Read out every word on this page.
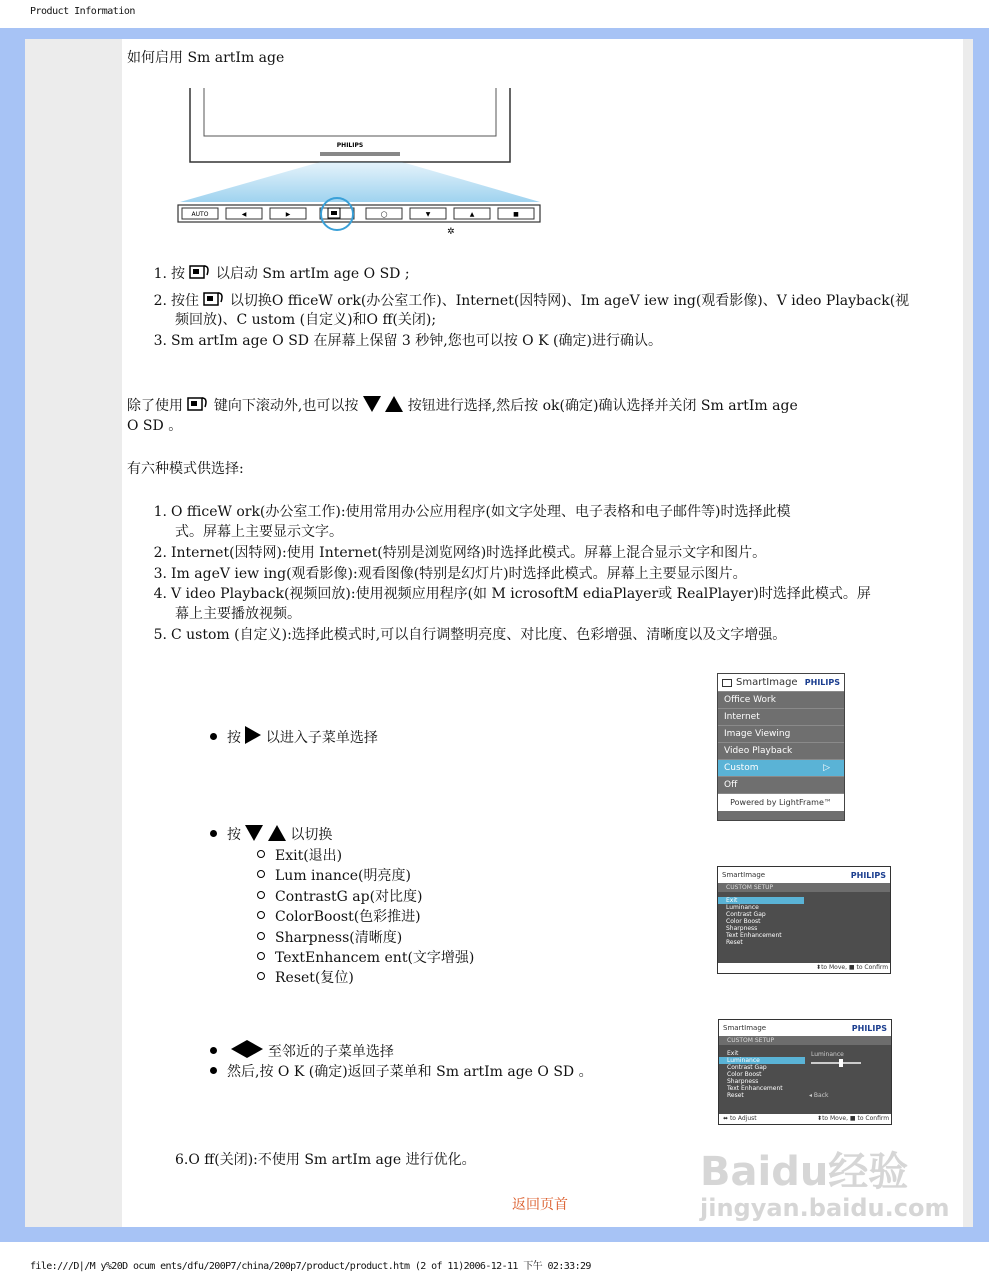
Product Information
如何启用 Sm artIm age
PHILIPS
AUTO	◀	▶	◯	▼	▲	■
✲
1. 按 以启动 Sm artIm age O SD ;
2. 按住 以切换O fficeW ork(办公室工作)、Internet(因特网)、Im ageV iew ing(观看影像)、V ideo Playback(视
频回放)、C ustom (自定义)和O ff(关闭);
3. Sm artIm age O SD 在屏幕上保留 3 秒钟,您也可以按 O K (确定)进行确认。
除了使用 键向下滚动外,也可以按	按钮进行选择,然后按 ok(确定)确认选择并关闭 Sm artIm age
O SD 。
有六种模式供选择:
1. O fficeW ork(办公室工作):使用常用办公应用程序(如文字处理、电子表格和电子邮件等)时选择此模
式。屏幕上主要显示文字。
2. Internet(因特网):使用 Internet(特别是浏览网络)时选择此模式。屏幕上混合显示文字和图片。
3. Im ageV iew ing(观看影像):观看图像(特别是幻灯片)时选择此模式。屏幕上主要显示图片。
4. V ideo Playback(视频回放):使用视频应用程序(如 M icrosoftM ediaPlayer或 RealPlayer)时选择此模式。屏
幕上主要播放视频。
5. C ustom (自定义):选择此模式时,可以自行调整明亮度、对比度、色彩增强、清晰度以及文字增强。
按 以进入子菜单选择
按	以切换
Exit(退出)
Lum inance(明亮度)
ContrastG ap(对比度)
ColorBoost(色彩推进)
Sharpness(清晰度)
TextEnhancem ent(文字增强)
Reset(复位)
至邻近的子菜单选择
然后,按 O K (确定)返回子菜单和 Sm artIm age O SD 。
6.O ff(关闭):不使用 Sm artIm age 进行优化。
返回页首
SmartImage PHILIPS
Office Work
Internet
Image Viewing
Video Playback
Custom	▷
Off
Powered by LightFrame™
SmartImage	PHILIPS
CUSTOM SETUP
Exit
Luminance
Contrast Gap
Color Boost
Sharpness
Text Enhancement
Reset
⬍to Move, ■ to Confirm
SmartImage	PHILIPS
CUSTOM SETUP
Exit
Luminance
Contrast Gap
Color Boost
Sharpness
Text Enhancement
Reset
Luminance
◂ Back
⬌ to Adjust	⬍to Move, ■ to Confirm
Baidu经验
jingyan.baidu.com
file:///D|/M y%20D ocum ents/dfu/200P7/china/200p7/product/product.htm (2 of 11)2006-12-11 下午 02:33:29
